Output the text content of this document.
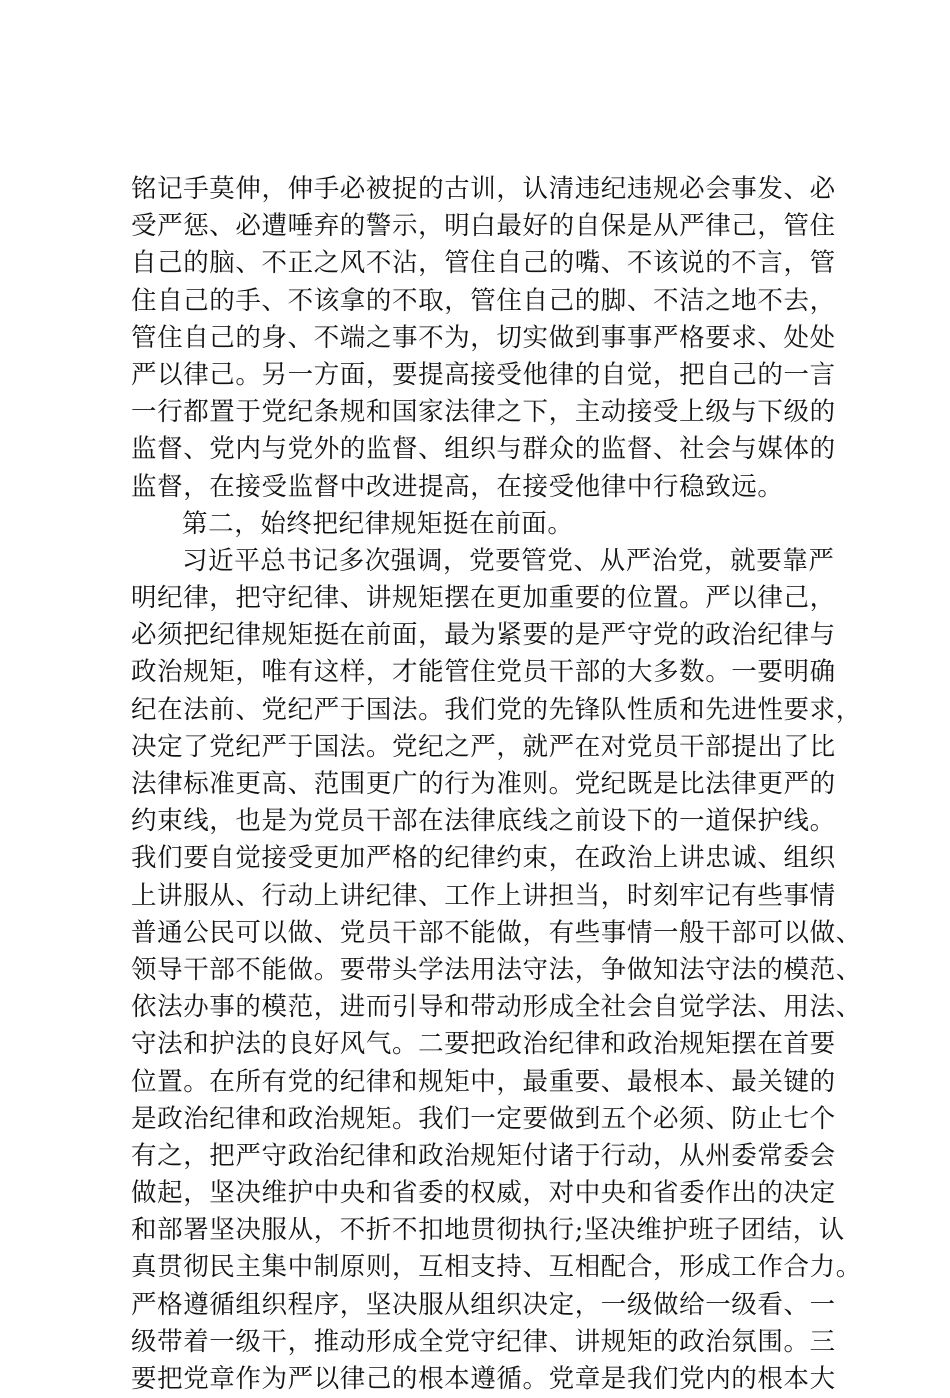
铭记手莫伸，伸手必被捉的古训，认清违纪违规必会事发、必
受严惩、必遭唾弃的警示，明白最好的自保是从严律己，管住
自己的脑、不正之风不沾，管住自己的嘴、不该说的不言，管
住自己的手、不该拿的不取，管住自己的脚、不洁之地不去，
管住自己的身、不端之事不为，切实做到事事严格要求、处处
严以律己。另一方面，要提高接受他律的自觉，把自己的一言
一行都置于党纪条规和国家法律之下，主动接受上级与下级的
监督、党内与党外的监督、组织与群众的监督、社会与媒体的
监督，在接受监督中改进提高，在接受他律中行稳致远。
第二，始终把纪律规矩挺在前面。
习近平总书记多次强调，党要管党、从严治党，就要靠严
明纪律，把守纪律、讲规矩摆在更加重要的位置。严以律己，
必须把纪律规矩挺在前面，最为紧要的是严守党的政治纪律与
政治规矩，唯有这样，才能管住党员干部的大多数。一要明确
纪在法前、党纪严于国法。我们党的先锋队性质和先进性要求，
决定了党纪严于国法。党纪之严，就严在对党员干部提出了比
法律标准更高、范围更广的行为准则。党纪既是比法律更严的
约束线，也是为党员干部在法律底线之前设下的一道保护线。
我们要自觉接受更加严格的纪律约束，在政治上讲忠诚、组织
上讲服从、行动上讲纪律、工作上讲担当，时刻牢记有些事情
普通公民可以做、党员干部不能做，有些事情一般干部可以做、
领导干部不能做。要带头学法用法守法，争做知法守法的模范、
依法办事的模范，进而引导和带动形成全社会自觉学法、用法、
守法和护法的良好风气。二要把政治纪律和政治规矩摆在首要
位置。在所有党的纪律和规矩中，最重要、最根本、最关键的
是政治纪律和政治规矩。我们一定要做到五个必须、防止七个
有之，把严守政治纪律和政治规矩付诸于行动，从州委常委会
做起，坚决维护中央和省委的权威，对中央和省委作出的决定
和部署坚决服从，不折不扣地贯彻执行;坚决维护班子团结，认
真贯彻民主集中制原则，互相支持、互相配合，形成工作合力。
严格遵循组织程序，坚决服从组织决定，一级做给一级看、一
级带着一级干，推动形成全党守纪律、讲规矩的政治氛围。三
要把党章作为严以律己的根本遵循。党章是我们党内的根本大
